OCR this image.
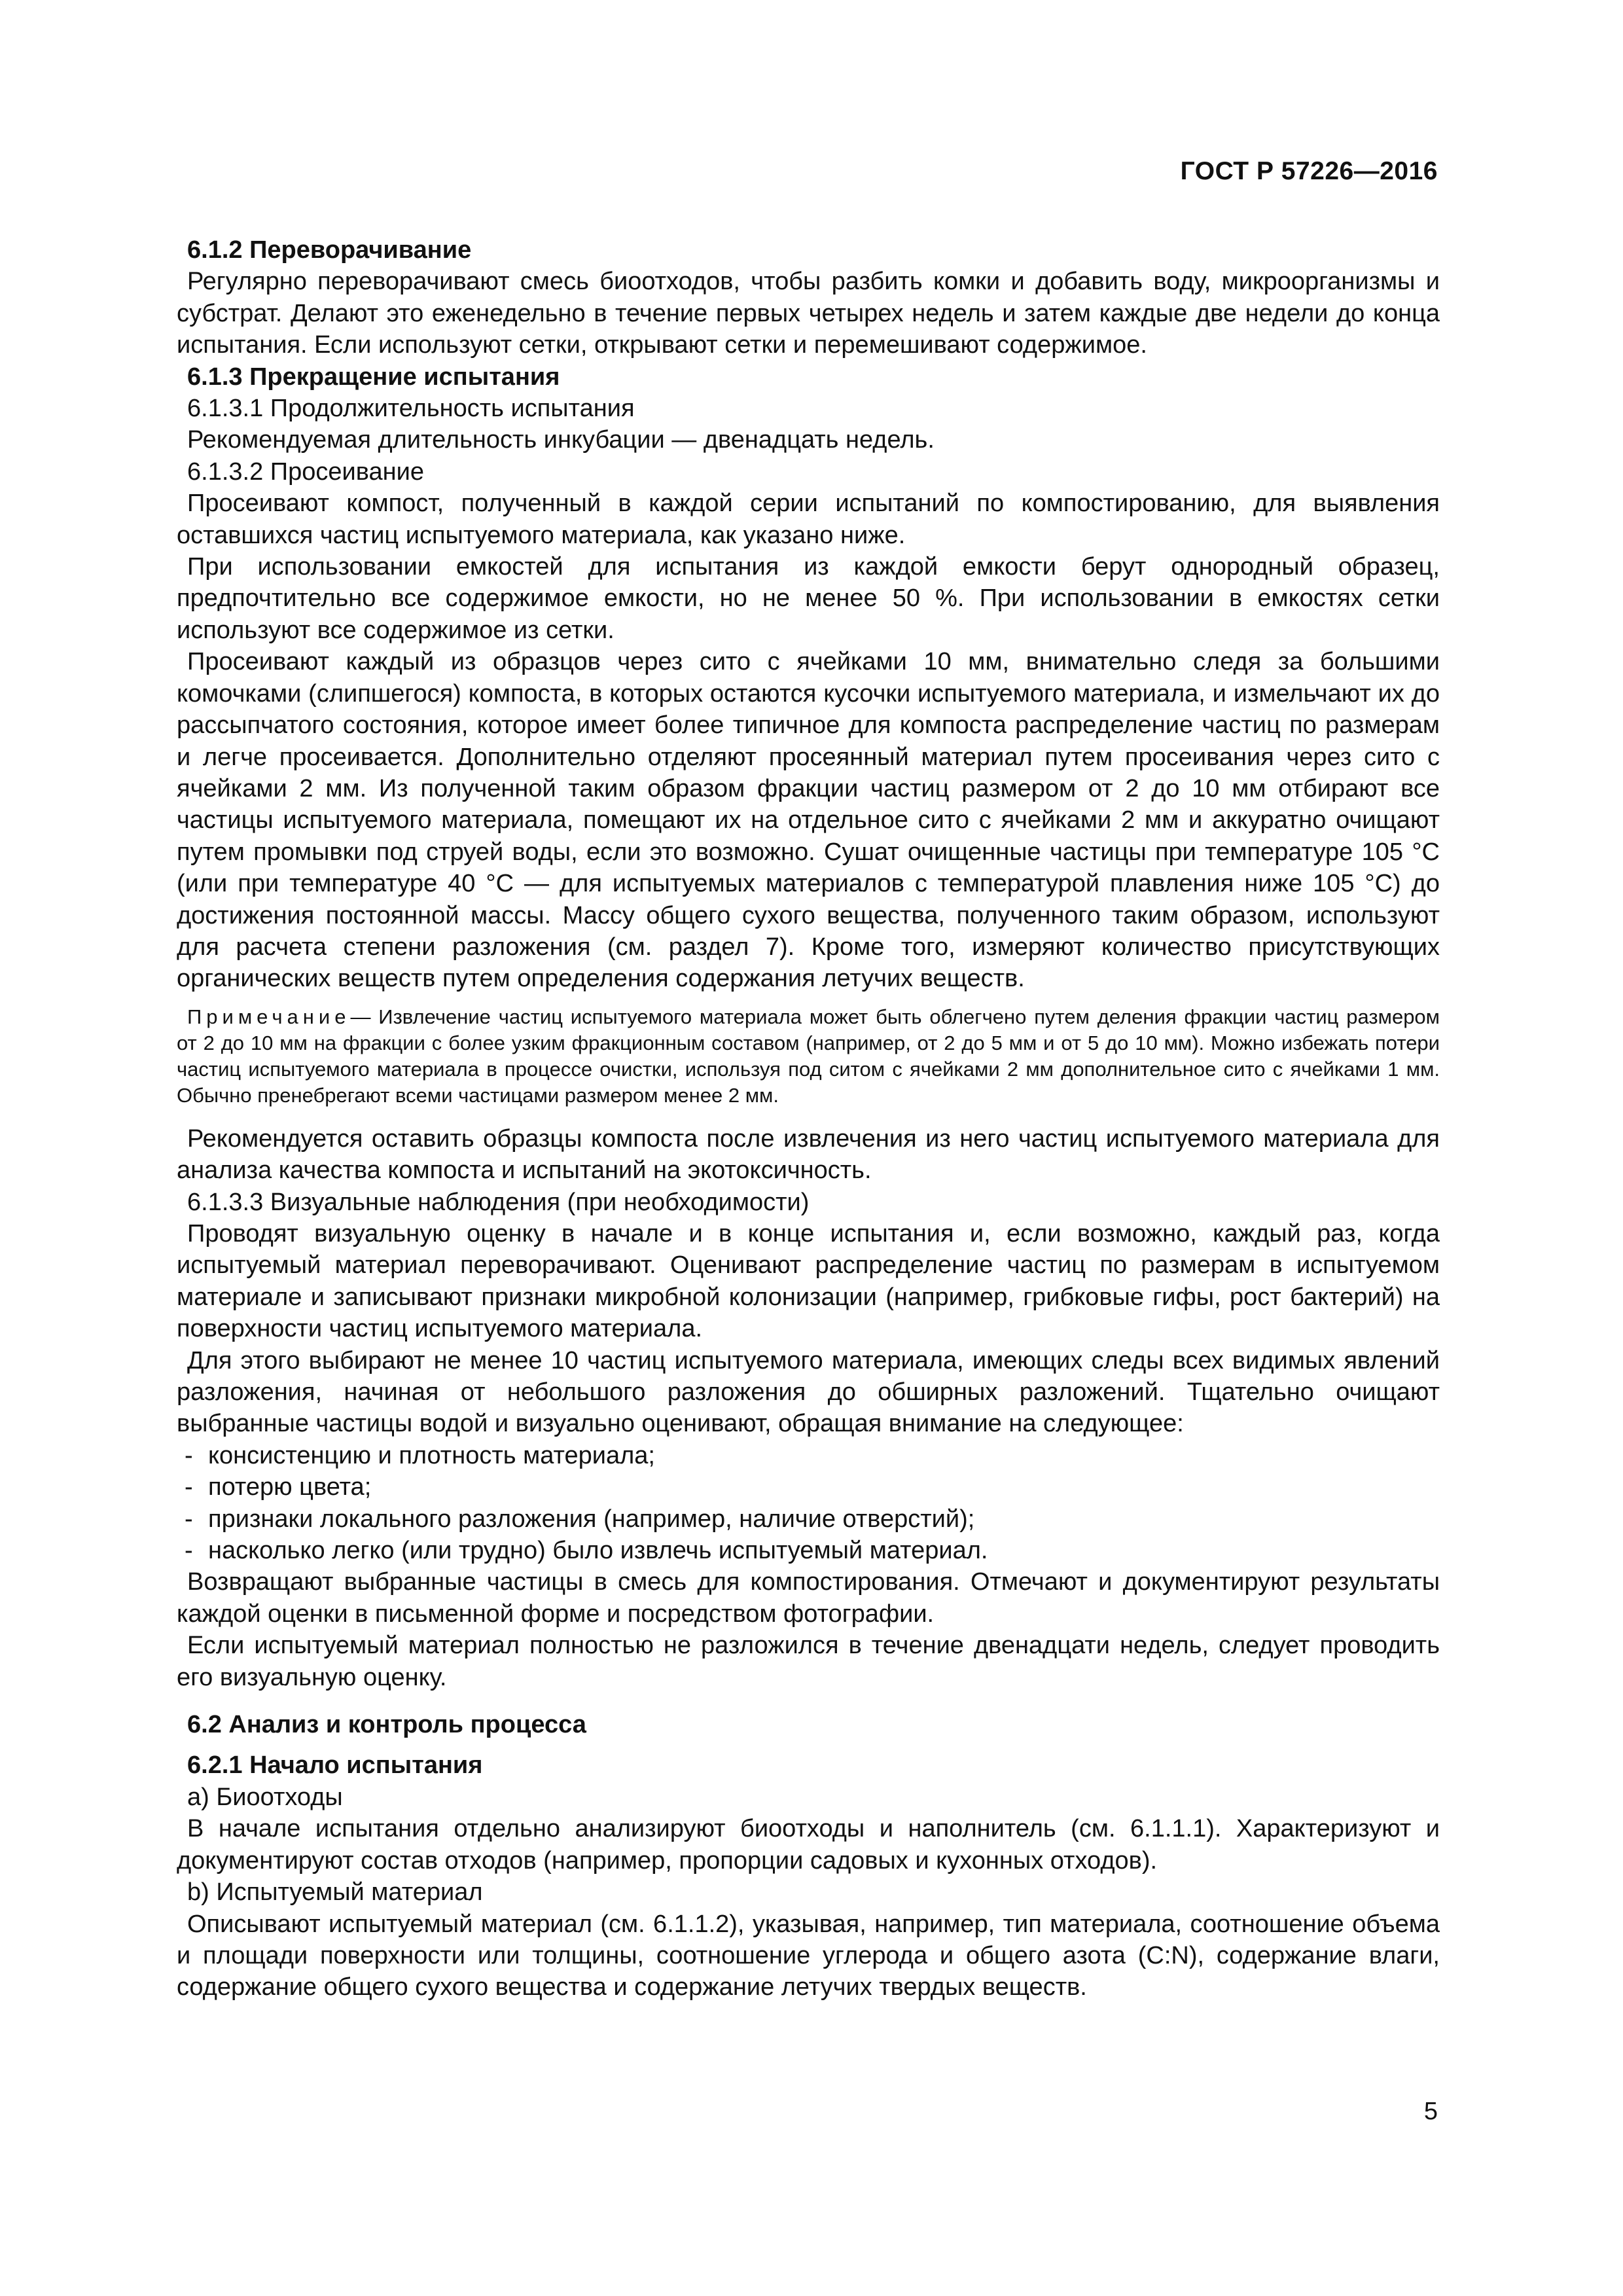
ГОСТ Р 57226—2016

6.1.2 Переворачивание

Регулярно переворачивают смесь биоотходов, чтобы разбить комки и добавить воду, микроорганизмы и субстрат. Делают это еженедельно в течение первых четырех недель и затем каждые две недели до конца испытания. Если используют сетки, открывают сетки и перемешивают содержимое.

6.1.3 Прекращение испытания

6.1.3.1 Продолжительность испытания

Рекомендуемая длительность инкубации — двенадцать недель.

6.1.3.2 Просеивание

Просеивают компост, полученный в каждой серии испытаний по компостированию, для выявления оставшихся частиц испытуемого материала, как указано ниже.

При использовании емкостей для испытания из каждой емкости берут однородный образец, предпочтительно все содержимое емкости, но не менее 50 %. При использовании в емкостях сетки используют все содержимое из сетки.

Просеивают каждый из образцов через сито с ячейками 10 мм, внимательно следя за большими комочками (слипшегося) компоста, в которых остаются кусочки испытуемого материала, и измельчают их до рассыпчатого состояния, которое имеет более типичное для компоста распределение частиц по размерам и легче просеивается. Дополнительно отделяют просеянный материал путем просеивания через сито с ячейками 2 мм. Из полученной таким образом фракции частиц размером от 2 до 10 мм отбирают все частицы испытуемого материала, помещают их на отдельное сито с ячейками 2 мм и аккуратно очищают путем промывки под струей воды, если это возможно. Сушат очищенные частицы при температуре 105 °С (или при температуре 40 °С — для испытуемых материалов с температурой плавления ниже 105 °С) до достижения постоянной массы. Массу общего сухого вещества, полученного таким образом, используют для расчета степени разложения (см. раздел 7). Кроме того, измеряют количество присутствующих органических веществ путем определения содержания летучих веществ.

Примечание— Извлечение частиц испытуемого материала может быть облегчено путем деления фракции частиц размером от 2 до 10 мм на фракции с более узким фракционным составом (например, от 2 до 5 мм и от 5 до 10 мм). Можно избежать потери частиц испытуемого материала в процессе очистки, используя под ситом с ячейками 2 мм дополнительное сито с ячейками 1 мм. Обычно пренебрегают всеми частицами размером менее 2 мм.

Рекомендуется оставить образцы компоста после извлечения из него частиц испытуемого материала для анализа качества компоста и испытаний на экотоксичность.

6.1.3.3 Визуальные наблюдения (при необходимости)

Проводят визуальную оценку в начале и в конце испытания и, если возможно, каждый раз, когда испытуемый материал переворачивают. Оценивают распределение частиц по размерам в испытуемом материале и записывают признаки микробной колонизации (например, грибковые гифы, рост бактерий) на поверхности частиц испытуемого материала.

Для этого выбирают не менее 10 частиц испытуемого материала, имеющих следы всех видимых явлений разложения, начиная от небольшого разложения до обширных разложений. Тщательно очищают выбранные частицы водой и визуально оценивают, обращая внимание на следующее:

- консистенцию и плотность материала;

- потерю цвета;

- признаки локального разложения (например, наличие отверстий);

- насколько легко (или трудно) было извлечь испытуемый материал.

Возвращают выбранные частицы в смесь для компостирования. Отмечают и документируют результаты каждой оценки в письменной форме и посредством фотографии.

Если испытуемый материал полностью не разложился в течение двенадцати недель, следует проводить его визуальную оценку.

6.2 Анализ и контроль процесса

6.2.1 Начало испытания

а) Биоотходы

В начале испытания отдельно анализируют биоотходы и наполнитель (см. 6.1.1.1). Характеризуют и документируют состав отходов (например, пропорции садовых и кухонных отходов).

b) Испытуемый материал

Описывают испытуемый материал (см. 6.1.1.2), указывая, например, тип материала, соотношение объема и площади поверхности или толщины, соотношение углерода и общего азота (C:N), содержание влаги, содержание общего сухого вещества и содержание летучих твердых веществ.

5
